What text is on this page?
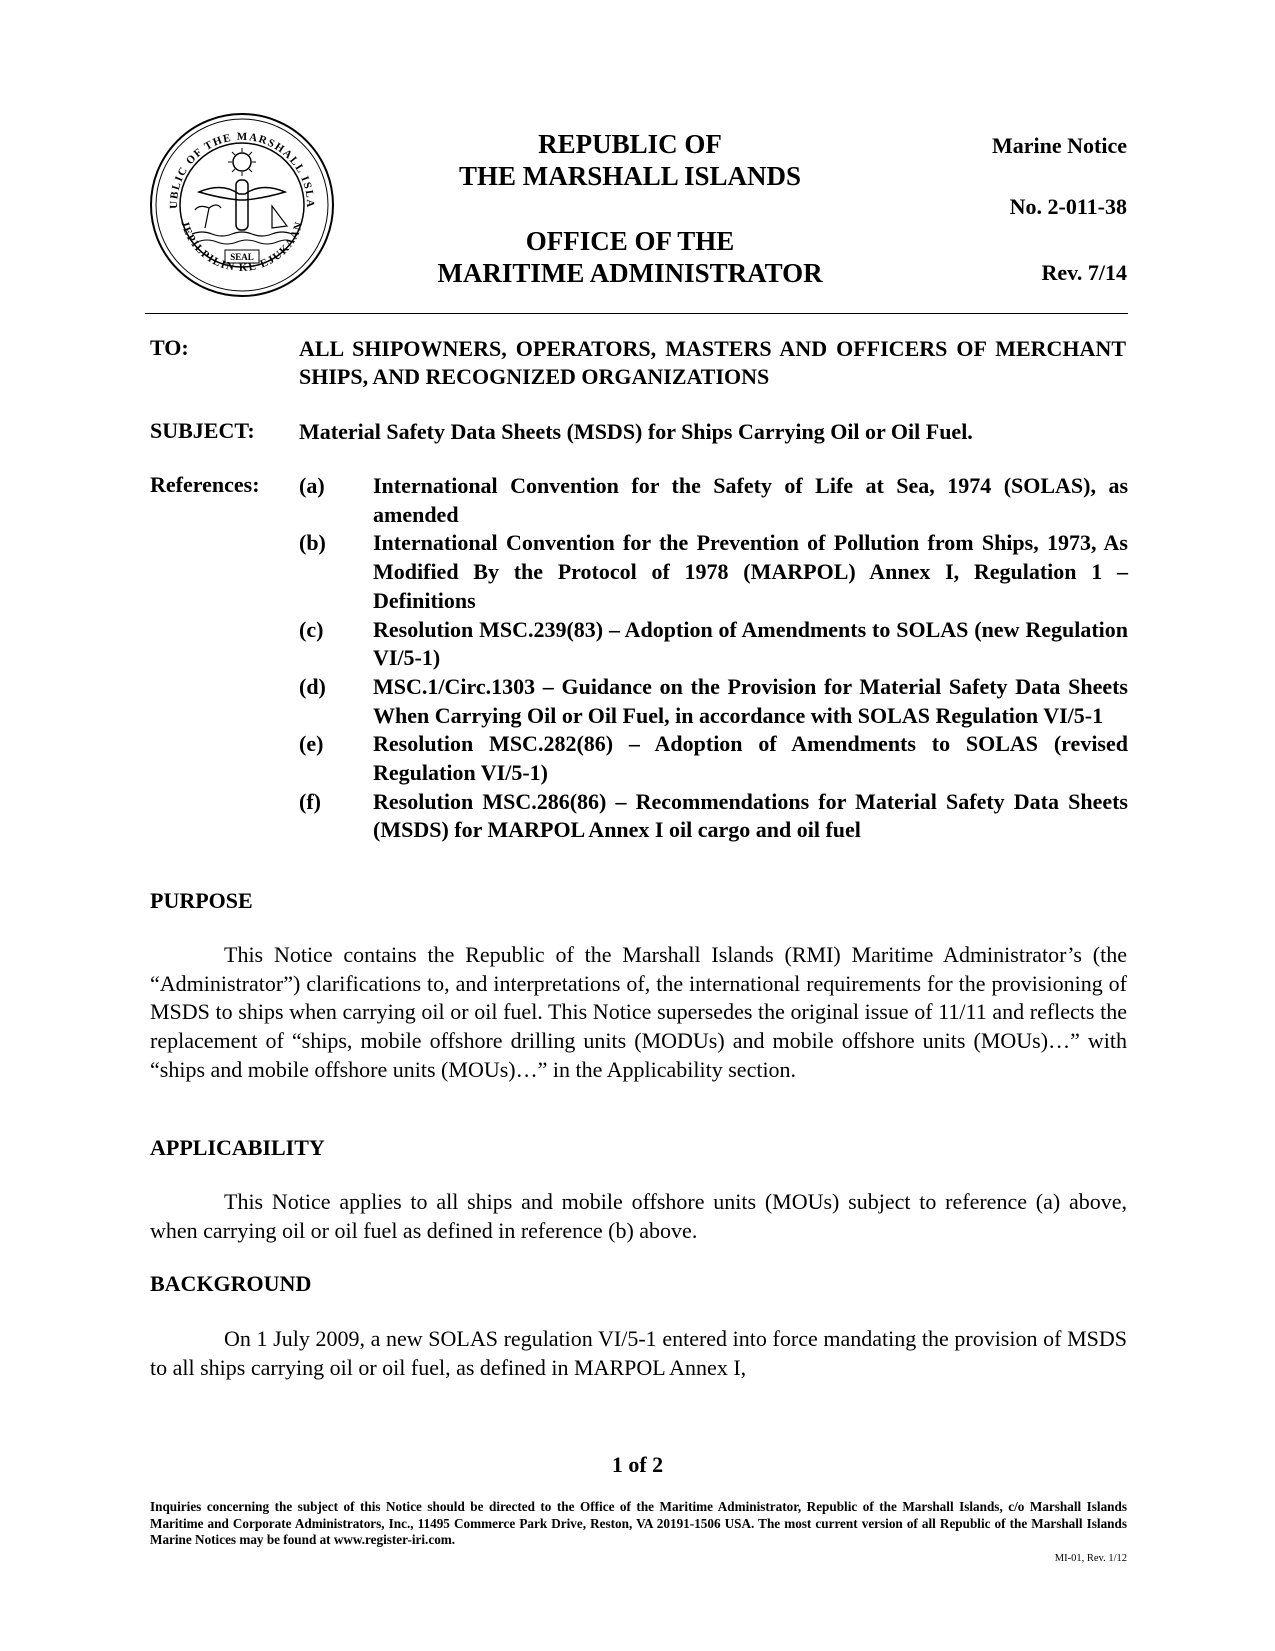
UBLIC OF THE MARSHALL ISLA
JEPILPILIN KE EJUKAAN
SEAL
REPUBLIC OF
THE MARSHALL ISLANDS
OFFICE OF THE
MARITIME ADMINISTRATOR
Marine Notice
No. 2-011-38
Rev. 7/14
TO:	ALL SHIPOWNERS, OPERATORS, MASTERS AND OFFICERS OF MERCHANT SHIPS, AND RECOGNIZED ORGANIZATIONS
SUBJECT: Material Safety Data Sheets (MSDS) for Ships Carrying Oil or Oil Fuel.
References: (a)	International Convention for the Safety of Life at Sea, 1974 (SOLAS), as amended
(b)	International Convention for the Prevention of Pollution from Ships, 1973, As Modified By the Protocol of 1978 (MARPOL) Annex I, Regulation 1 – Definitions
(c)	Resolution MSC.239(83) – Adoption of Amendments to SOLAS (new Regulation VI/5-1)
(d)	MSC.1/Circ.1303 – Guidance on the Provision for Material Safety Data Sheets When Carrying Oil or Oil Fuel, in accordance with SOLAS Regulation VI/5-1
(e)	Resolution MSC.282(86) – Adoption of Amendments to SOLAS (revised Regulation VI/5-1)
(f)	Resolution MSC.286(86) – Recommendations for Material Safety Data Sheets (MSDS) for MARPOL Annex I oil cargo and oil fuel
PURPOSE
This Notice contains the Republic of the Marshall Islands (RMI) Maritime Administrator’s (the “Administrator”) clarifications to, and interpretations of, the international requirements for the provisioning of MSDS to ships when carrying oil or oil fuel. This Notice supersedes the original issue of 11/11 and reflects the replacement of “ships, mobile offshore drilling units (MODUs) and mobile offshore units (MOUs)…” with “ships and mobile offshore units (MOUs)…” in the Applicability section.
APPLICABILITY
This Notice applies to all ships and mobile offshore units (MOUs) subject to reference (a) above, when carrying oil or oil fuel as defined in reference (b) above.
BACKGROUND
On 1 July 2009, a new SOLAS regulation VI/5-1 entered into force mandating the provision of MSDS to all ships carrying oil or oil fuel, as defined in MARPOL Annex I,
1 of 2
Inquiries concerning the subject of this Notice should be directed to the Office of the Maritime Administrator, Republic of the Marshall Islands, c/o Marshall Islands Maritime and Corporate Administrators, Inc., 11495 Commerce Park Drive, Reston, VA 20191-1506 USA. The most current version of all Republic of the Marshall Islands Marine Notices may be found at www.register-iri.com.
MI-01, Rev. 1/12
